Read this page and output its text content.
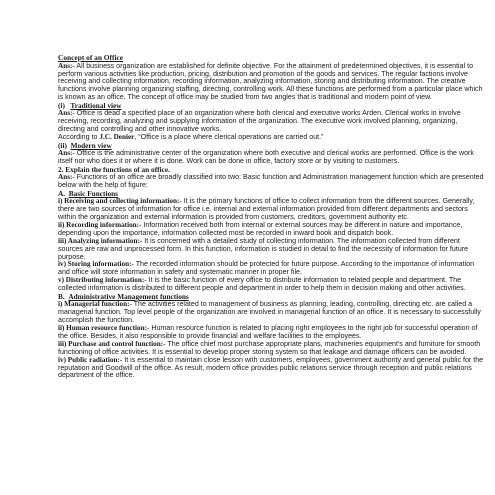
Concept of an Office

Ans:- All business organization are established for definite objective. For the attainment of predetermined objectives, it is essential to perform various activities like production, pricing, distribution and promotion of the goods and services. The regular factions involve receiving and collecting information, recording information, analyzing information, storing and distributing information. The creative functions involve planning organizing staffing, directing, controlling work. All these functions are performed from a particular place which is known as an office. The concept of office may be studied from two angles that is traditional and modern point of view.

(i) Traditional view

Ans:- Office is dead a specified place of an organization where both clerical and executive works Arden. Clerical works in involve receiving, recording, analyzing and supplying information of the organization. The executive work involved planning, organizing, directing and controlling and other innovative works.

According to J.C. Denier, “Office is a place where clerical operations are carried out.”

(ii) Modern view

Ans:- Office is the administrative center of the organization where both executive and clerical works are performed. Office is the work itself nor who does it or where it is done. Work can be done in office, factory store or by visiting to customers.

2. Explain the functions of an office.

Ans:- Functions of an office are broadly classified into two: Basic function and Administration management function which are presented below with the help of figure:

A. Basic Functions

i) Receiving and collecting information:- It is the primary functions of office to collect information from the different sources. Generally, there are two sources of information for office i.e. internal and external information provided from different departments and sectors within the organization and external information is provided from customers, creditors, government authority etc.

ii) Recording information:- Information received both from internal or external sources may be different in nature and importance, depending upon the importance, information collected most be recorded in inward book and dispatch book.

iii) Analyzing information:- It is concerned with a detailed study of collecting information. The information collected from different sources are raw and unprocessed form. In this function, information is studied in detail to find the necessity of information for future purpose.

iv) Storing information:- The recorded information should be protected for future purpose. According to the importance of information and office will store information in safety and systematic manner in proper file.

v) Distributing information:- It is the basic function of every office to distribute information to related people and department. The collected information is distributed to different people and department in order to help them in decision making and other activities.

B. Administrative Management functions

i) Managerial function:- The activities related to management of business as planning, leading, controlling, directing etc. are called a managerial function. Top level people of the organization are involved in managerial function of an office. It is necessary to successfully accomplish the function.

ii) Human resource function:- Human resource function is related to placing right employees to the right job for successful operation of the office. Besides, it also responsible to provide financial and welfare facilities to the employees.

iii) Purchase and control function:- The office chief most purchase appropriate plans, machineries equipment's and furniture for smooth functioning of office activities. It is essential to develop proper storing system so that leakage and damage officers can be avoided.

iv) Public radiation:- It is essential to maintain close lesson with customers, employees, government authority and general public for the reputation and Goodwill of the office. As result, modern office provides public relations service through reception and public relations department of the office.
